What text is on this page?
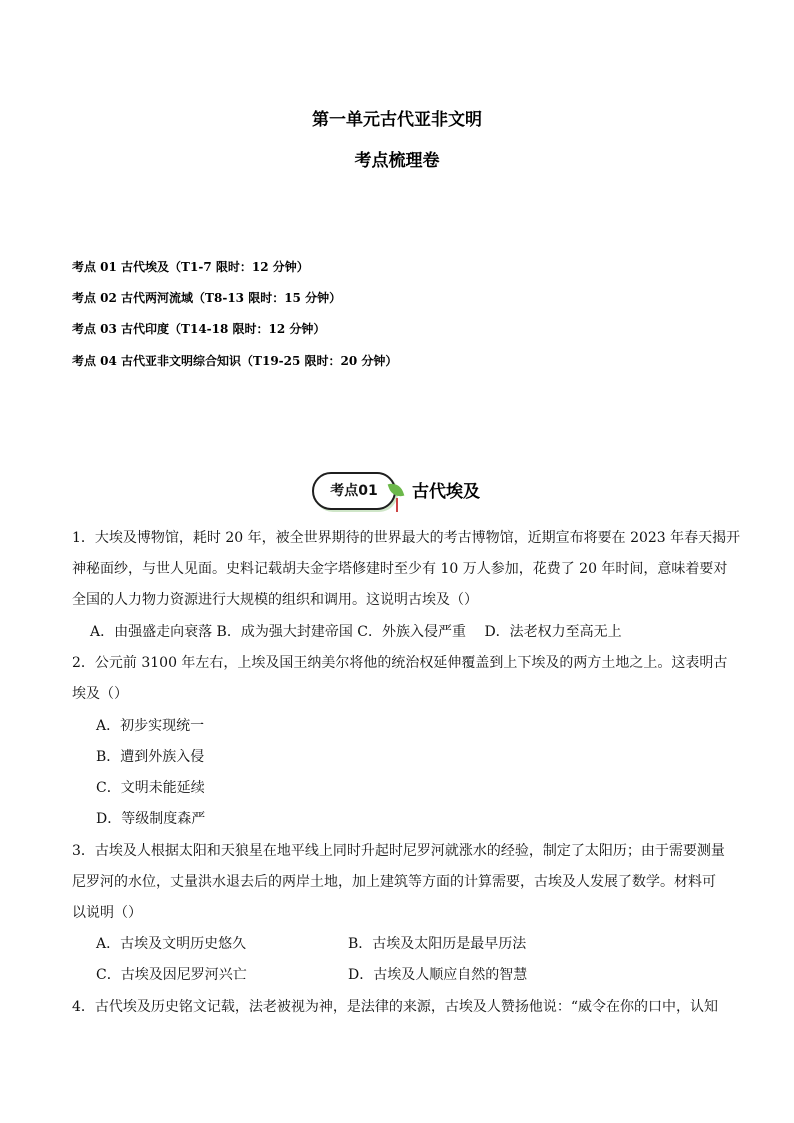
第一单元古代亚非文明
考点梳理卷
考点 01 古代埃及（T1-7 限时：12 分钟）
考点 02 古代两河流域（T8-13 限时：15 分钟）
考点 03 古代印度（T14-18 限时：12 分钟）
考点 04 古代亚非文明综合知识（T19-25 限时：20 分钟）
考点01	古代埃及
1．大埃及博物馆，耗时 20 年，被全世界期待的世界最大的考古博物馆，近期宣布将要在 2023 年春天揭开
神秘面纱，与世人见面。史料记载胡夫金字塔修建时至少有 10 万人参加，花费了 20 年时间，意味着要对
全国的人力物力资源进行大规模的组织和调用。这说明古埃及（）
A．由强盛走向衰落 B．成为强大封建帝国 C．外族入侵严重　 D．法老权力至高无上
2．公元前 3100 年左右，上埃及国王纳美尔将他的统治权延伸覆盖到上下埃及的两方土地之上。这表明古
埃及（）
A．初步实现统一
B．遭到外族入侵
C．文明未能延续
D．等级制度森严
3．古埃及人根据太阳和天狼星在地平线上同时升起时尼罗河就涨水的经验，制定了太阳历；由于需要测量
尼罗河的水位，丈量洪水退去后的两岸土地，加上建筑等方面的计算需要，古埃及人发展了数学。材料可
以说明（）
A．古埃及文明历史悠久	B．古埃及太阳历是最早历法
C．古埃及因尼罗河兴亡	D．古埃及人顺应自然的智慧
4．古代埃及历史铭文记载，法老被视为神，是法律的来源，古埃及人赞扬他说：“威令在你的口中，认知
